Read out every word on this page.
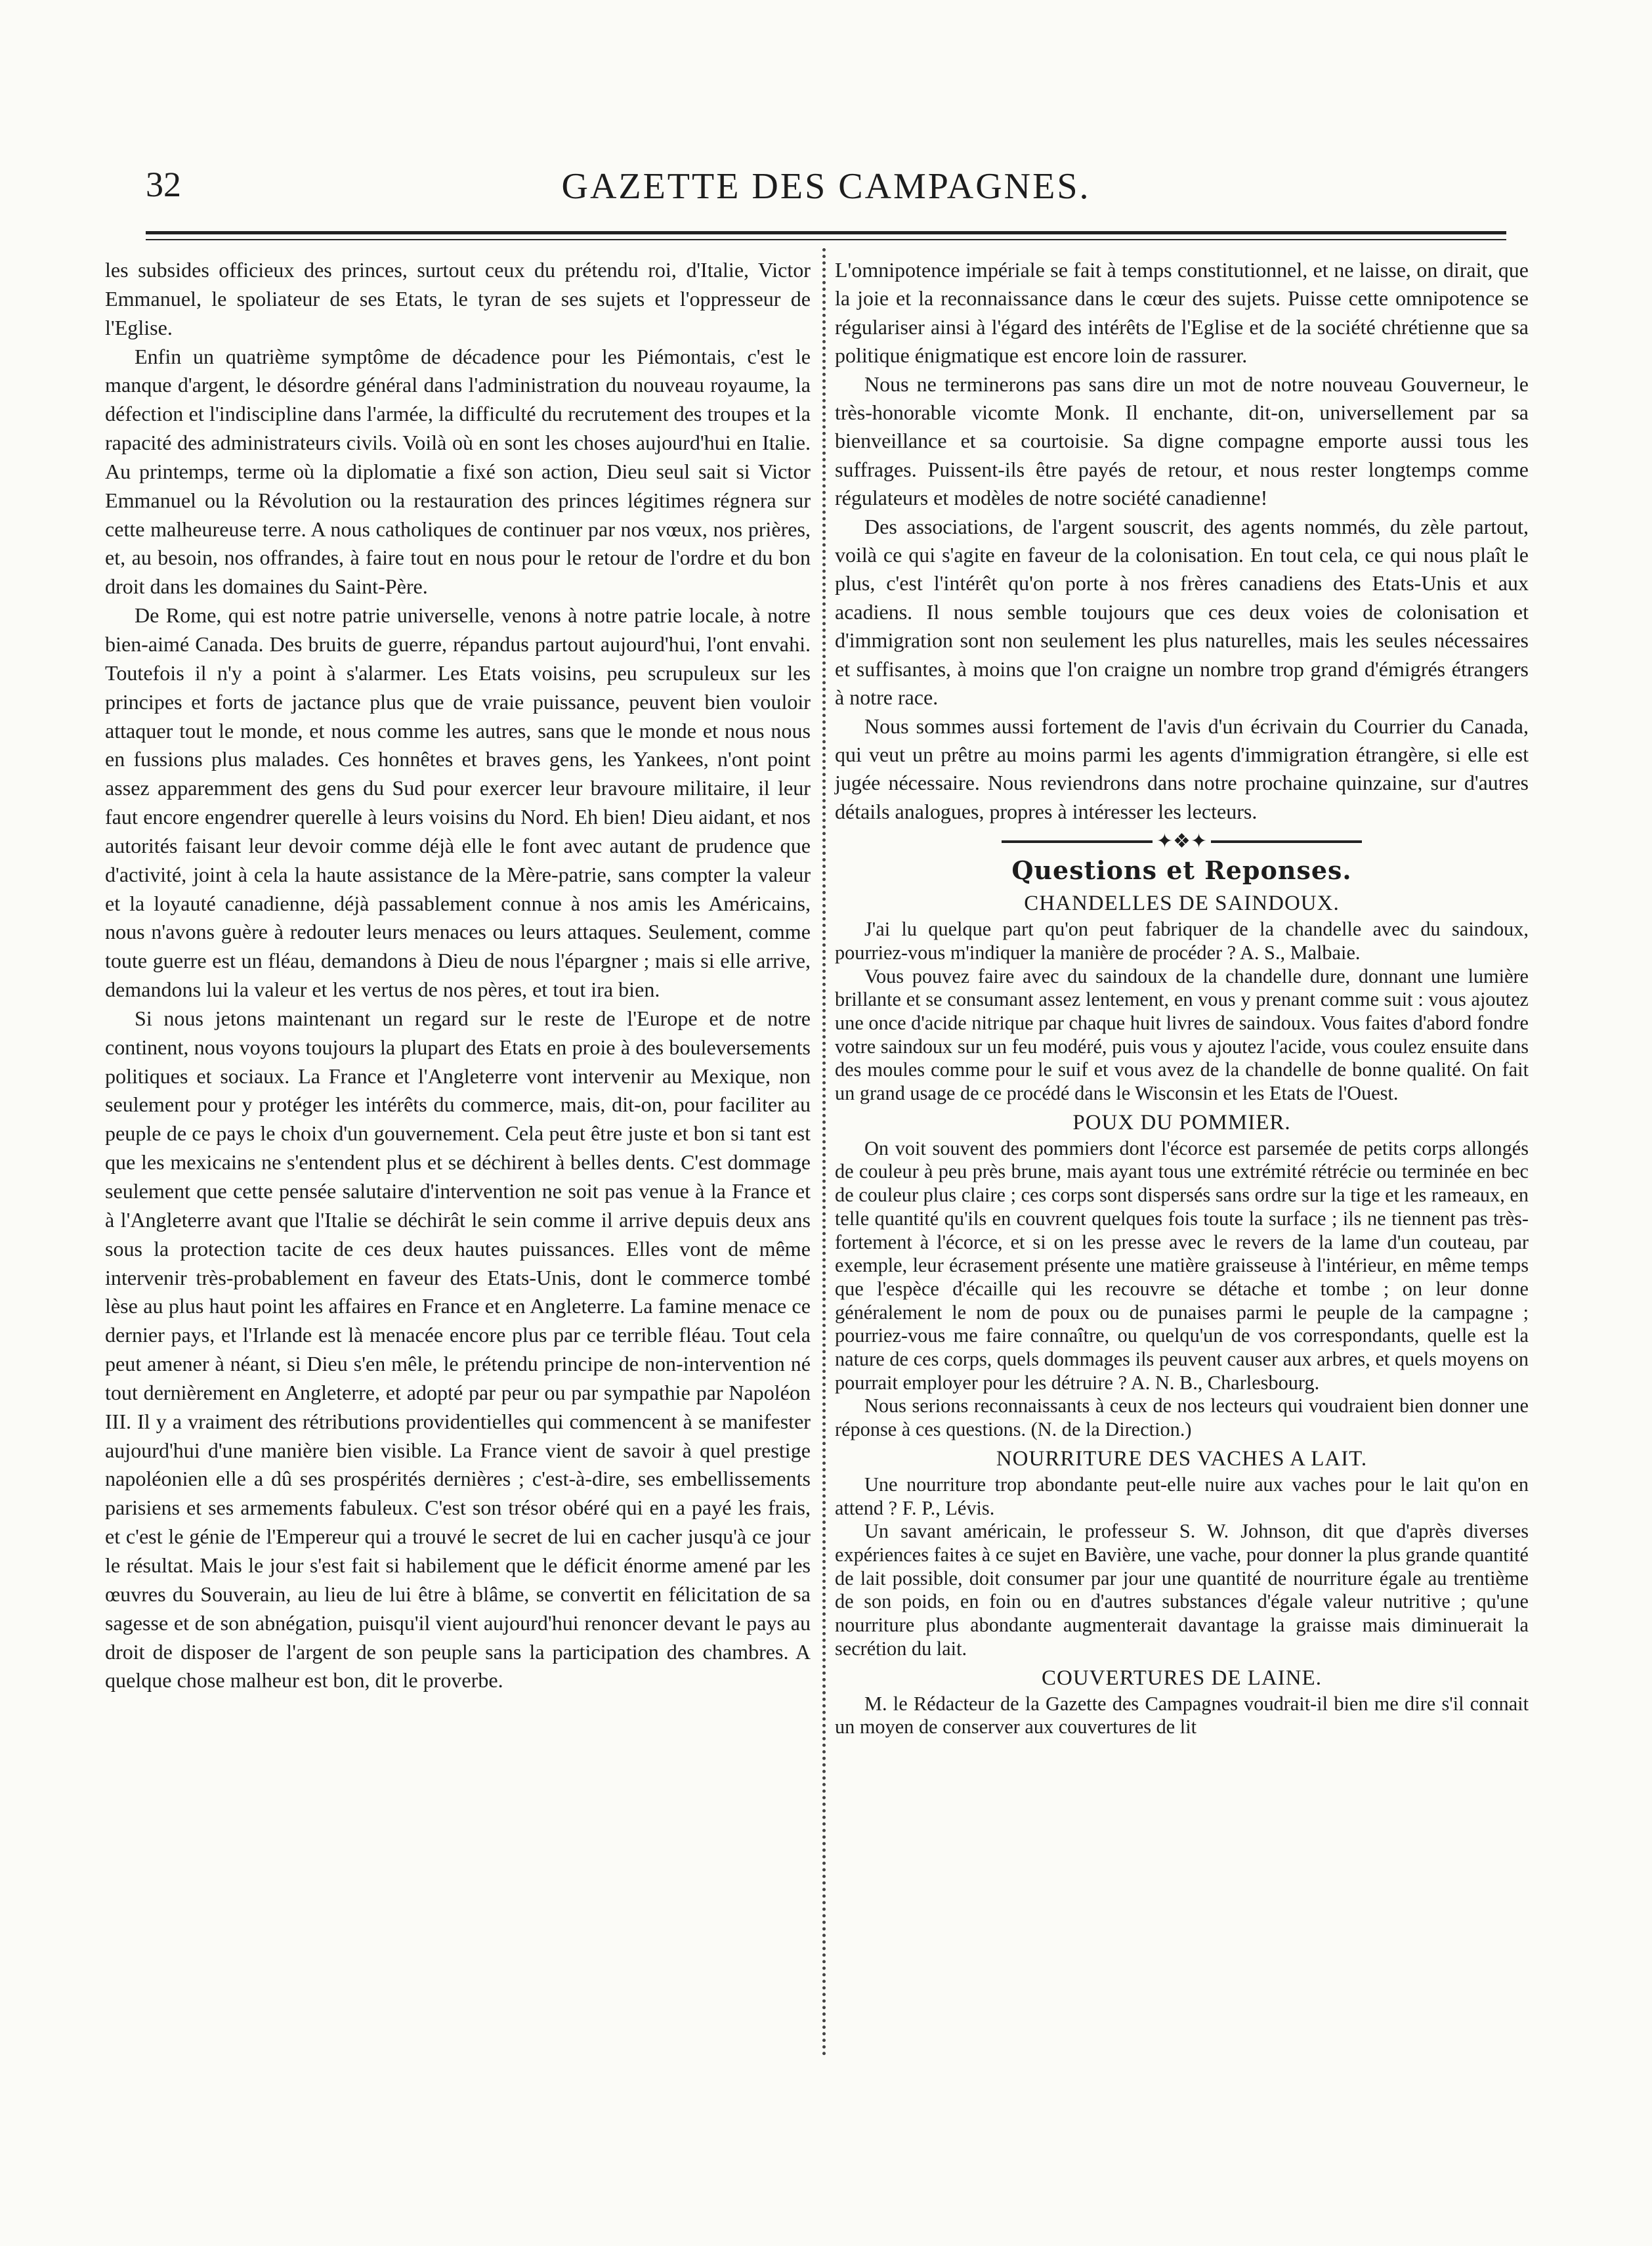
32	GAZETTE DES CAMPAGNES.

les subsides officieux des princes, surtout ceux du prétendu roi, d'Italie, Victor Emmanuel, le spoliateur de ses Etats, le tyran de ses sujets et l'oppresseur de l'Eglise.

Enfin un quatrième symptôme de décadence pour les Piémontais, c'est le manque d'argent, le désordre général dans l'administration du nouveau royaume, la défection et l'indiscipline dans l'armée, la difficulté du recrutement des troupes et la rapacité des administrateurs civils. Voilà où en sont les choses aujourd'hui en Italie. Au printemps, terme où la diplomatie a fixé son action, Dieu seul sait si Victor Emmanuel ou la Révolution ou la restauration des princes légitimes régnera sur cette malheureuse terre. A nous catholiques de continuer par nos vœux, nos prières, et, au besoin, nos offrandes, à faire tout en nous pour le retour de l'ordre et du bon droit dans les domaines du Saint-Père.

De Rome, qui est notre patrie universelle, venons à notre patrie locale, à notre bien-aimé Canada. Des bruits de guerre, répandus partout aujourd'hui, l'ont envahi. Toutefois il n'y a point à s'alarmer. Les Etats voisins, peu scrupuleux sur les principes et forts de jactance plus que de vraie puissance, peuvent bien vouloir attaquer tout le monde, et nous comme les autres, sans que le monde et nous nous en fussions plus malades. Ces honnêtes et braves gens, les Yankees, n'ont point assez apparemment des gens du Sud pour exercer leur bravoure militaire, il leur faut encore engendrer querelle à leurs voisins du Nord. Eh bien! Dieu aidant, et nos autorités faisant leur devoir comme déjà elle le font avec autant de prudence que d'activité, joint à cela la haute assistance de la Mère-patrie, sans compter la valeur et la loyauté canadienne, déjà passablement connue à nos amis les Américains, nous n'avons guère à redouter leurs menaces ou leurs attaques. Seulement, comme toute guerre est un fléau, demandons à Dieu de nous l'épargner ; mais si elle arrive, demandons lui la valeur et les vertus de nos pères, et tout ira bien.

Si nous jetons maintenant un regard sur le reste de l'Europe et de notre continent, nous voyons toujours la plupart des Etats en proie à des bouleversements politiques et sociaux. La France et l'Angleterre vont intervenir au Mexique, non seulement pour y protéger les intérêts du commerce, mais, dit-on, pour faciliter au peuple de ce pays le choix d'un gouvernement. Cela peut être juste et bon si tant est que les mexicains ne s'entendent plus et se déchirent à belles dents. C'est dommage seulement que cette pensée salutaire d'intervention ne soit pas venue à la France et à l'Angleterre avant que l'Italie se déchirât le sein comme il arrive depuis deux ans sous la protection tacite de ces deux hautes puissances. Elles vont de même intervenir très-probablement en faveur des Etats-Unis, dont le commerce tombé lèse au plus haut point les affaires en France et en Angleterre. La famine menace ce dernier pays, et l'Irlande est là menacée encore plus par ce terrible fléau. Tout cela peut amener à néant, si Dieu s'en mêle, le prétendu principe de non-intervention né tout dernièrement en Angleterre, et adopté par peur ou par sympathie par Napoléon III. Il y a vraiment des rétributions providentielles qui commencent à se manifester aujourd'hui d'une manière bien visible. La France vient de savoir à quel prestige napoléonien elle a dû ses prospérités dernières ; c'est-à-dire, ses embellissements parisiens et ses armements fabuleux. C'est son trésor obéré qui en a payé les frais, et c'est le génie de l'Empereur qui a trouvé le secret de lui en cacher jusqu'à ce jour le résultat. Mais le jour s'est fait si habilement que le déficit énorme amené par les œuvres du Souverain, au lieu de lui être à blâme, se convertit en félicitation de sa sagesse et de son abnégation, puisqu'il vient aujourd'hui renoncer devant le pays au droit de disposer de l'argent de son peuple sans la participation des chambres. A quelque chose malheur est bon, dit le proverbe.

L'omnipotence impériale se fait à temps constitutionnel, et ne laisse, on dirait, que la joie et la reconnaissance dans le cœur des sujets. Puisse cette omnipotence se régulariser ainsi à l'égard des intérêts de l'Eglise et de la société chrétienne que sa politique énigmatique est encore loin de rassurer.

Nous ne terminerons pas sans dire un mot de notre nouveau Gouverneur, le très-honorable vicomte Monk. Il enchante, dit-on, universellement par sa bienveillance et sa courtoisie. Sa digne compagne emporte aussi tous les suffrages. Puissent-ils être payés de retour, et nous rester longtemps comme régulateurs et modèles de notre société canadienne!

Des associations, de l'argent souscrit, des agents nommés, du zèle partout, voilà ce qui s'agite en faveur de la colonisation. En tout cela, ce qui nous plaît le plus, c'est l'intérêt qu'on porte à nos frères canadiens des Etats-Unis et aux acadiens. Il nous semble toujours que ces deux voies de colonisation et d'immigration sont non seulement les plus naturelles, mais les seules nécessaires et suffisantes, à moins que l'on craigne un nombre trop grand d'émigrés étrangers à notre race.

Nous sommes aussi fortement de l'avis d'un écrivain du Courrier du Canada, qui veut un prêtre au moins parmi les agents d'immigration étrangère, si elle est jugée nécessaire. Nous reviendrons dans notre prochaine quinzaine, sur d'autres détails analogues, propres à intéresser les lecteurs.

✦❖✦
Questions et Reponses.
CHANDELLES DE SAINDOUX.

J'ai lu quelque part qu'on peut fabriquer de la chandelle avec du saindoux, pourriez-vous m'indiquer la manière de procéder ? A. S., Malbaie.

Vous pouvez faire avec du saindoux de la chandelle dure, donnant une lumière brillante et se consumant assez lentement, en vous y prenant comme suit : vous ajoutez une once d'acide nitrique par chaque huit livres de saindoux. Vous faites d'abord fondre votre saindoux sur un feu modéré, puis vous y ajoutez l'acide, vous coulez ensuite dans des moules comme pour le suif et vous avez de la chandelle de bonne qualité. On fait un grand usage de ce procédé dans le Wisconsin et les Etats de l'Ouest.

POUX DU POMMIER.

On voit souvent des pommiers dont l'écorce est parsemée de petits corps allongés de couleur à peu près brune, mais ayant tous une extrémité rétrécie ou terminée en bec de couleur plus claire ; ces corps sont dispersés sans ordre sur la tige et les rameaux, en telle quantité qu'ils en couvrent quelques fois toute la surface ; ils ne tiennent pas très-fortement à l'écorce, et si on les presse avec le revers de la lame d'un couteau, par exemple, leur écrasement présente une matière graisseuse à l'intérieur, en même temps que l'espèce d'écaille qui les recouvre se détache et tombe ; on leur donne généralement le nom de poux ou de punaises parmi le peuple de la campagne ; pourriez-vous me faire connaître, ou quelqu'un de vos correspondants, quelle est la nature de ces corps, quels dommages ils peuvent causer aux arbres, et quels moyens on pourrait employer pour les détruire ? A. N. B., Charlesbourg.

Nous serions reconnaissants à ceux de nos lecteurs qui voudraient bien donner une réponse à ces questions. (N. de la Direction.)

NOURRITURE DES VACHES A LAIT.

Une nourriture trop abondante peut-elle nuire aux vaches pour le lait qu'on en attend ? F. P., Lévis.

Un savant américain, le professeur S. W. Johnson, dit que d'après diverses expériences faites à ce sujet en Bavière, une vache, pour donner la plus grande quantité de lait possible, doit consumer par jour une quantité de nourriture égale au trentième de son poids, en foin ou en d'autres substances d'égale valeur nutritive ; qu'une nourriture plus abondante augmenterait davantage la graisse mais diminuerait la secrétion du lait.

COUVERTURES DE LAINE.

M. le Rédacteur de la Gazette des Campagnes voudrait-il bien me dire s'il connait un moyen de conserver aux couvertures de lit
